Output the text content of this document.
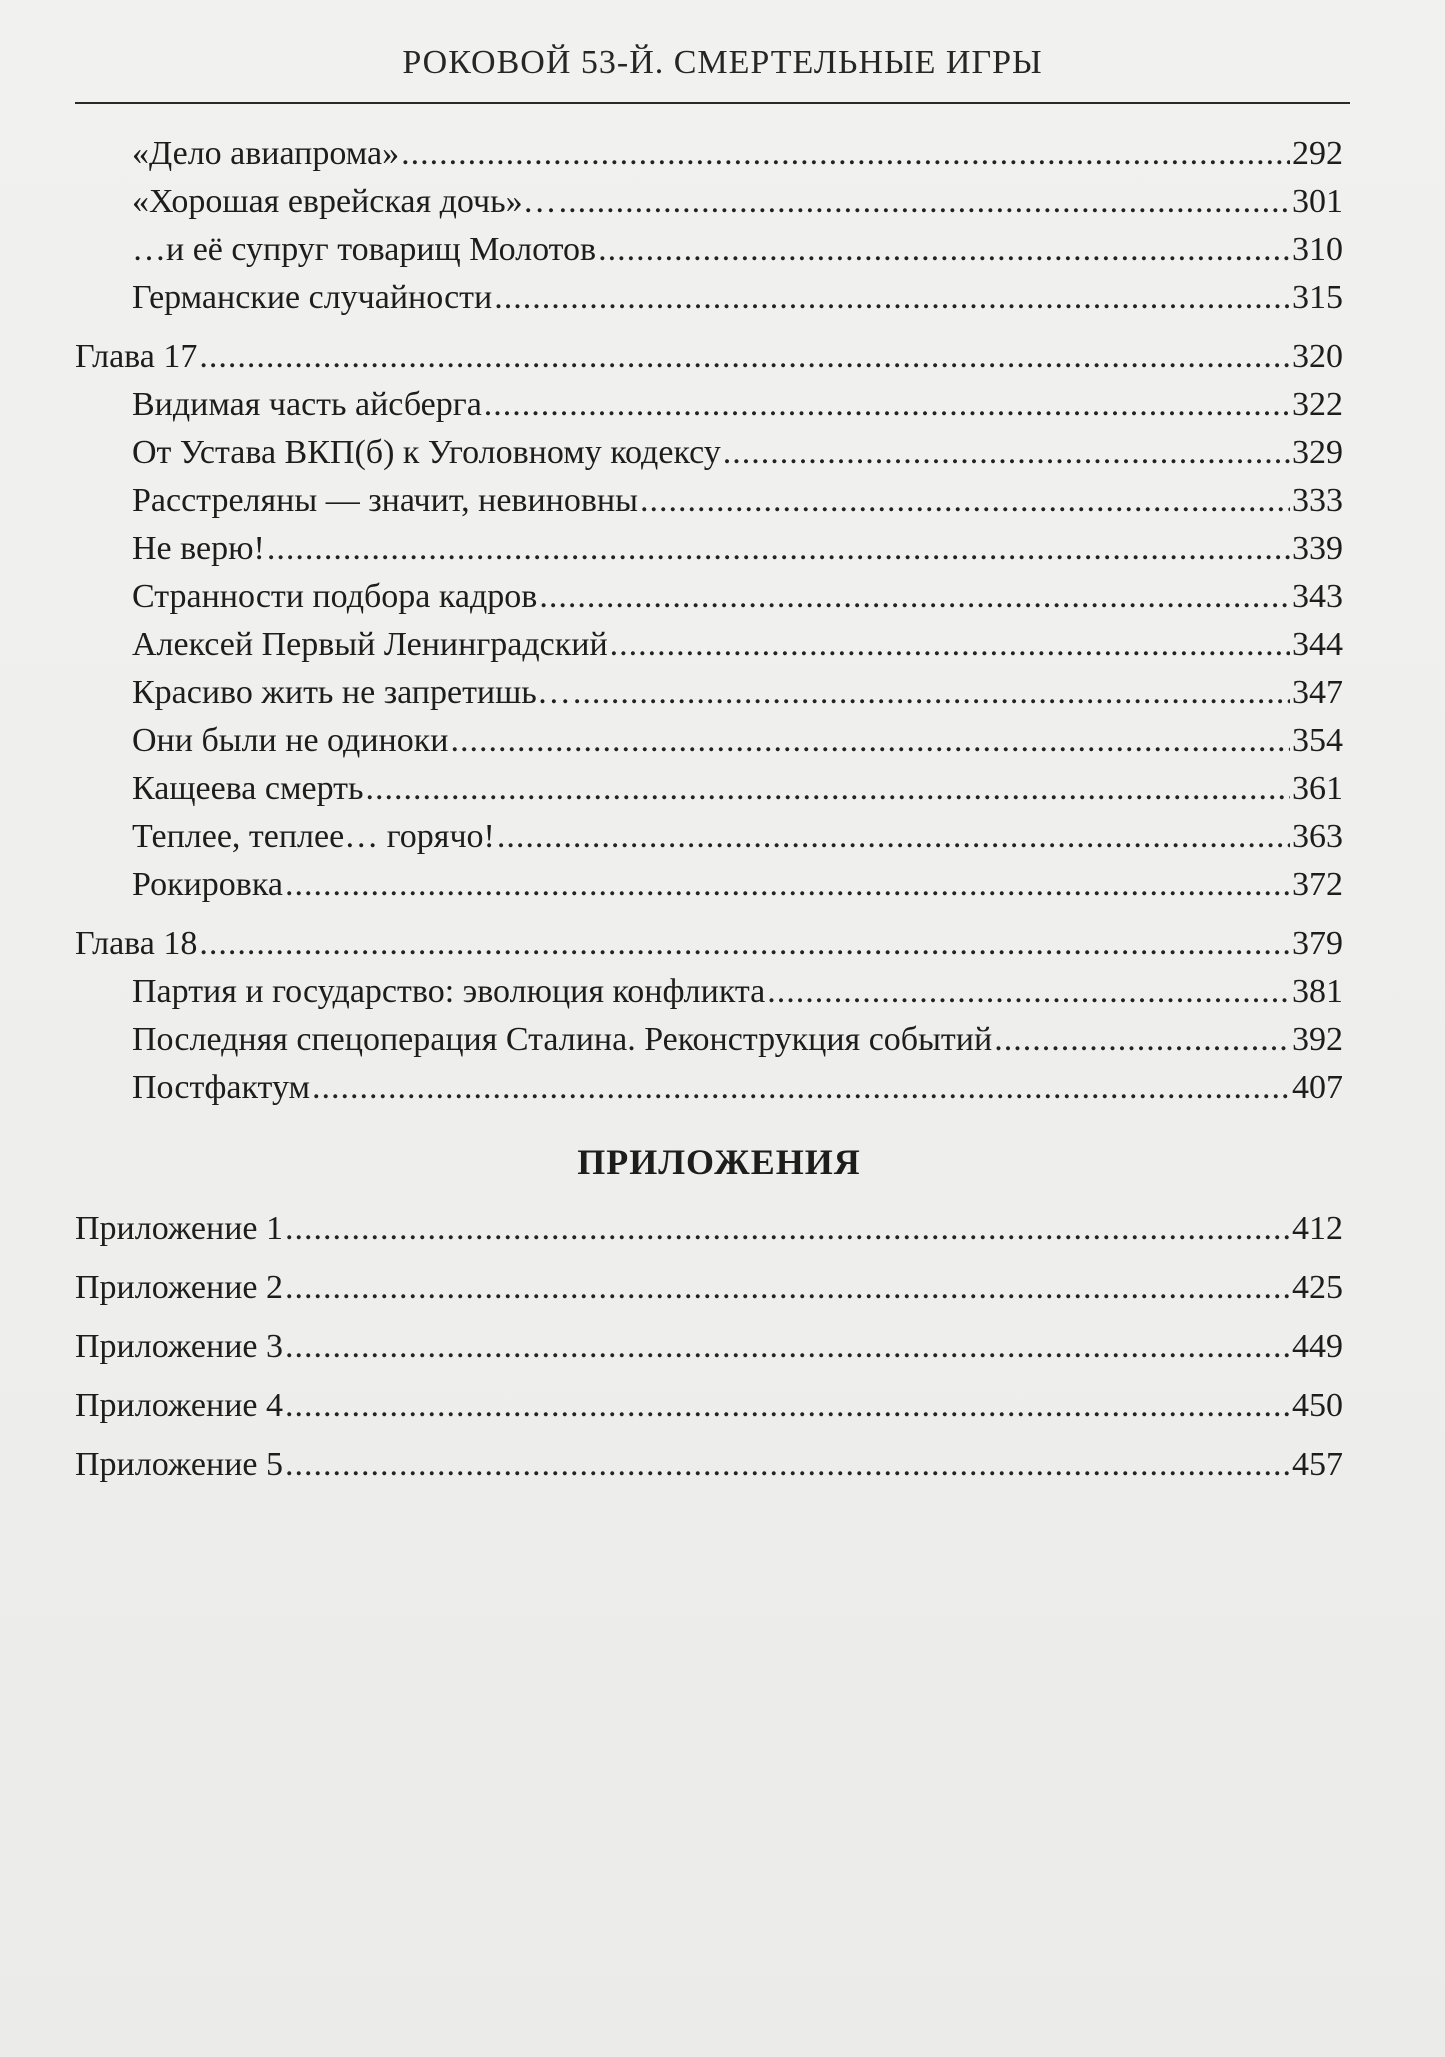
РОКОВОЙ 53-Й. СМЕРТЕЛЬНЫЕ ИГРЫ
«Дело авиапрома» .....	292
«Хорошая еврейская дочь»… .....	301
…и её супруг товарищ Молотов .....	310
Германские случайности .....	315
Глава 17 .....	320
Видимая часть айсберга .....	322
От Устава ВКП(б) к Уголовному кодексу .....	329
Расстреляны — значит, невиновны .....	333
Не верю! .....	339
Странности подбора кадров .....	343
Алексей Первый Ленинградский .....	344
Красиво жить не запретишь… .....	347
Они были не одиноки .....	354
Кащеева смерть .....	361
Теплее, теплее… горячо! .....	363
Рокировка .....	372
Глава 18 .....	379
Партия и государство: эволюция конфликта .....	381
Последняя спецоперация Сталина. Реконструкция событий .....	392
Постфактум .....	407
ПРИЛОЖЕНИЯ
Приложение 1 .....	412
Приложение 2 .....	425
Приложение 3 .....	449
Приложение 4 .....	450
Приложение 5 .....	457
